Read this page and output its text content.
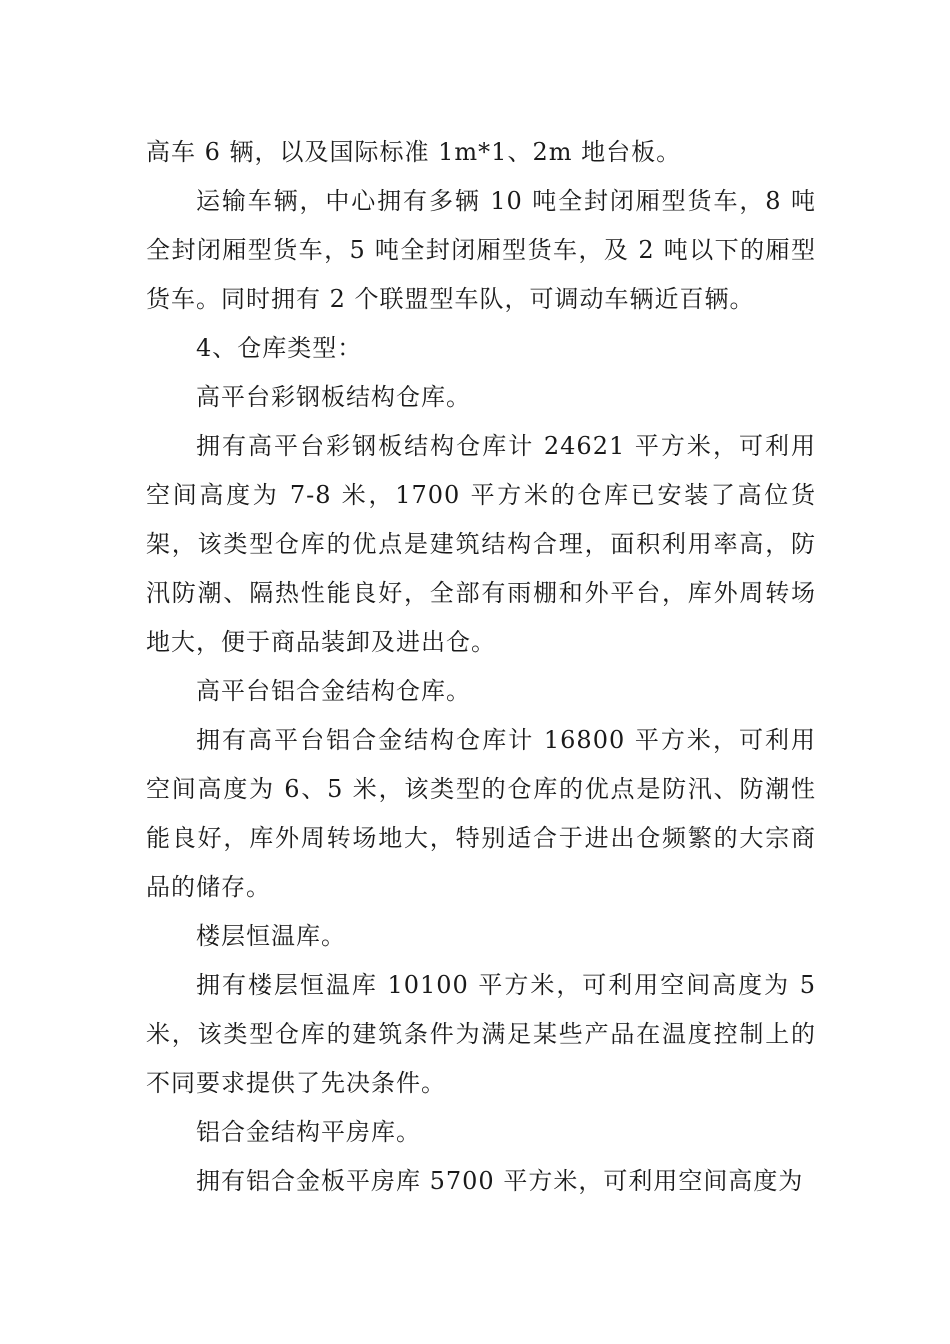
高车 6 辆，以及国际标准 1m*1、2m 地台板。

运输车辆，中心拥有多辆 10 吨全封闭厢型货车，8 吨全封闭厢型货车，5 吨全封闭厢型货车，及 2 吨以下的厢型货车。同时拥有 2 个联盟型车队，可调动车辆近百辆。

4、仓库类型：

高平台彩钢板结构仓库。

拥有高平台彩钢板结构仓库计 24621 平方米，可利用空间高度为 7-8 米，1700 平方米的仓库已安装了高位货架，该类型仓库的优点是建筑结构合理，面积利用率高，防汛防潮、隔热性能良好，全部有雨棚和外平台，库外周转场地大，便于商品装卸及进出仓。

高平台铝合金结构仓库。

拥有高平台铝合金结构仓库计 16800 平方米，可利用空间高度为 6、5 米，该类型的仓库的优点是防汛、防潮性能良好，库外周转场地大，特别适合于进出仓频繁的大宗商品的储存。

楼层恒温库。

拥有楼层恒温库 10100 平方米，可利用空间高度为 5 米，该类型仓库的建筑条件为满足某些产品在温度控制上的不同要求提供了先决条件。

铝合金结构平房库。

拥有铝合金板平房库 5700 平方米，可利用空间高度为
